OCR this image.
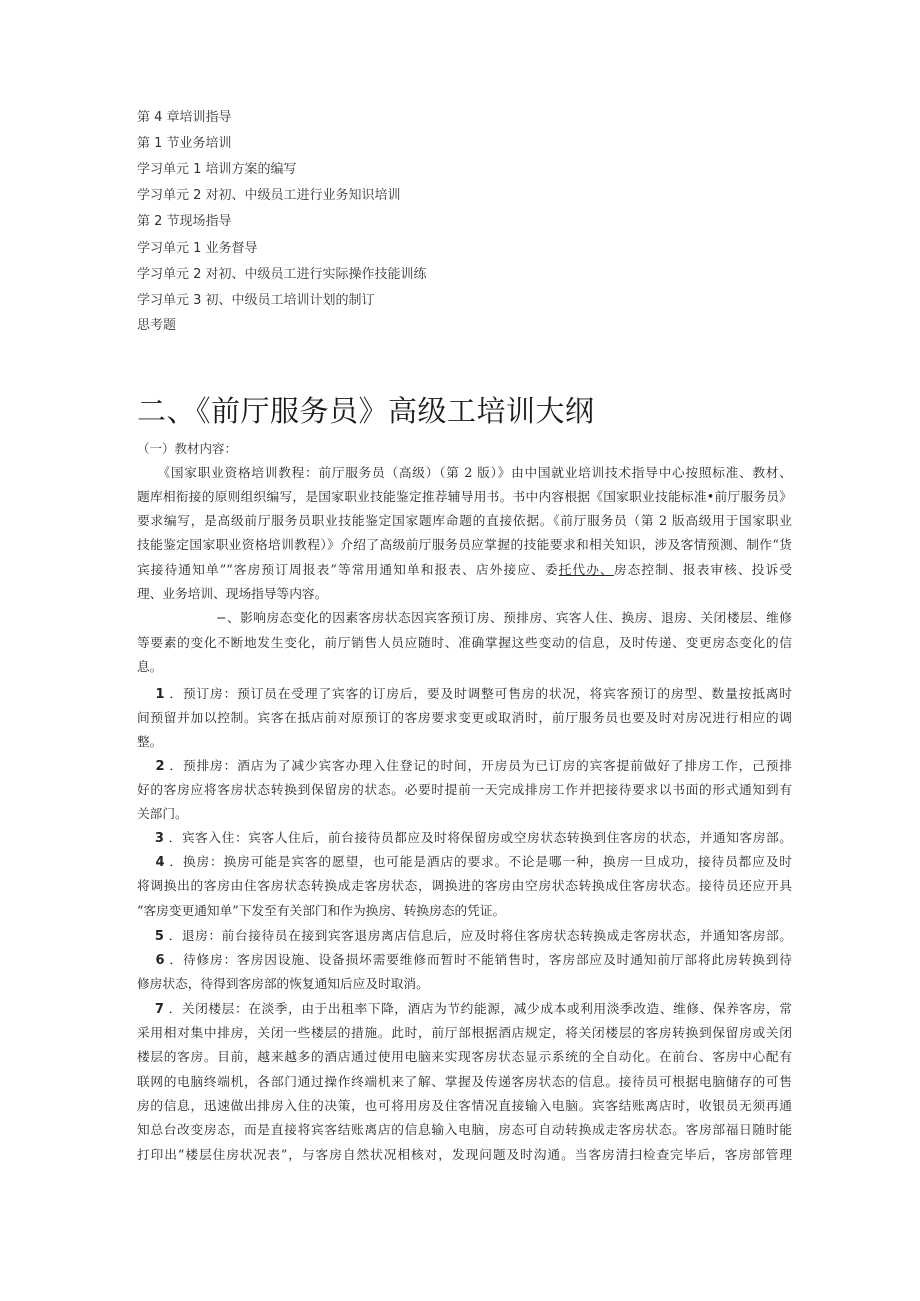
第 4 章培训指导
第 1 节业务培训
学习单元 1 培训方案的编写
学习单元 2 对初、中级员工进行业务知识培训
第 2 节现场指导
学习单元 1 业务督导
学习单元 2 对初、中级员工进行实际操作技能训练
学习单元 3 初、中级员工培训计划的制订
思考题
二、《前厅服务员》高级工培训大纲
（一）教材内容：
　　《国家职业资格培训教程：前厅服务员（高级）（第 2 版）》由中国就业培训技术指导中心按照标准、教材、
题库相衔接的原则组织编写，是国家职业技能鉴定推荐辅导用书。书中内容根据《国家职业技能标准•前厅服务员》
要求编写，是高级前厅服务员职业技能鉴定国家题库命题的直接依据。《前厅服务员（第 2 版高级用于国家职业
技能鉴定国家职业资格培训教程）》介绍了高级前厅服务员应掌握的技能要求和相关知识，涉及客情预测、制作“货
宾接待通知单”“客房预订周报表”等常用通知单和报表、店外接应、委托代办、房态控制、报表审核、投诉受
理、业务培训、现场指导等内容。
　　　　　　−、影响房态变化的因素客房状态因宾客预订房、预排房、宾客人住、换房、退房、关闭楼层、维修
等要素的变化不断地发生变化，前厅销售人员应随时、准确掌握这些变动的信息，及时传递、变更房态变化的信
息。
　 1 ．预订房：预订员在受理了宾客的订房后，要及时调整可售房的状况，将宾客预订的房型、数量按抵离时
间预留并加以控制。宾客在抵店前对原预订的客房要求变更或取消时，前厅服务员也要及时对房况进行相应的调
整。
　 2 ．预排房：酒店为了减少宾客办理入住登记的时间，开房员为已订房的宾客提前做好了排房工作，己预排
好的客房应将客房状态转换到保留房的状态。必要时提前一天完成排房工作并把接待要求以书面的形式通知到有
关部门。
　 3 ．宾客入住：宾客人住后，前台接待员都应及时将保留房或空房状态转换到住客房的状态，并通知客房部。
　 4 ．换房：换房可能是宾客的愿望，也可能是酒店的要求。不论是哪一种，换房一旦成功，接待员都应及时
将调换出的客房由住客房状态转换成走客房状态，调换进的客房由空房状态转换成住客房状态。接待员还应开具
“客房变更通知单”下发至有关部门和作为换房、转换房态的凭证。
　 5 ．退房：前台接待员在接到宾客退房离店信息后，应及时将住客房状态转换成走客房状态，并通知客房部。
　 6 ．待修房：客房因设施、设备损坏需要维修而暂时不能销售时，客房部应及时通知前厅部将此房转换到待
修房状态，待得到客房部的恢复通知后应及时取消。
　 7 ．关闭楼层：在淡季，由于出租率下降，酒店为节约能源，减少成本或利用淡季改造、维修、保养客房，常
采用相对集中排房，关闭一些楼层的措施。此时，前厅部根据酒店规定，将关闭楼层的客房转换到保留房或关闭
楼层的客房。目前，越来越多的酒店通过使用电脑来实现客房状态显示系统的全自动化。在前台、客房中心配有
联网的电脑终端机，各部门通过操作终端机来了解、掌握及传递客房状态的信息。接待员可根据电脑储存的可售
房的信息，迅速做出排房入住的决策，也可将用房及住客情况直接输入电脑。宾客结账离店时，收银员无须再通
知总台改变房态，而是直接将宾客结账离店的信息输入电脑，房态可自动转换成走客房状态。客房部福日随时能
打印出“楼层住房状况表”，与客房自然状况相核对，发现问题及时沟通。当客房清扫检查完毕后，客房部管理
